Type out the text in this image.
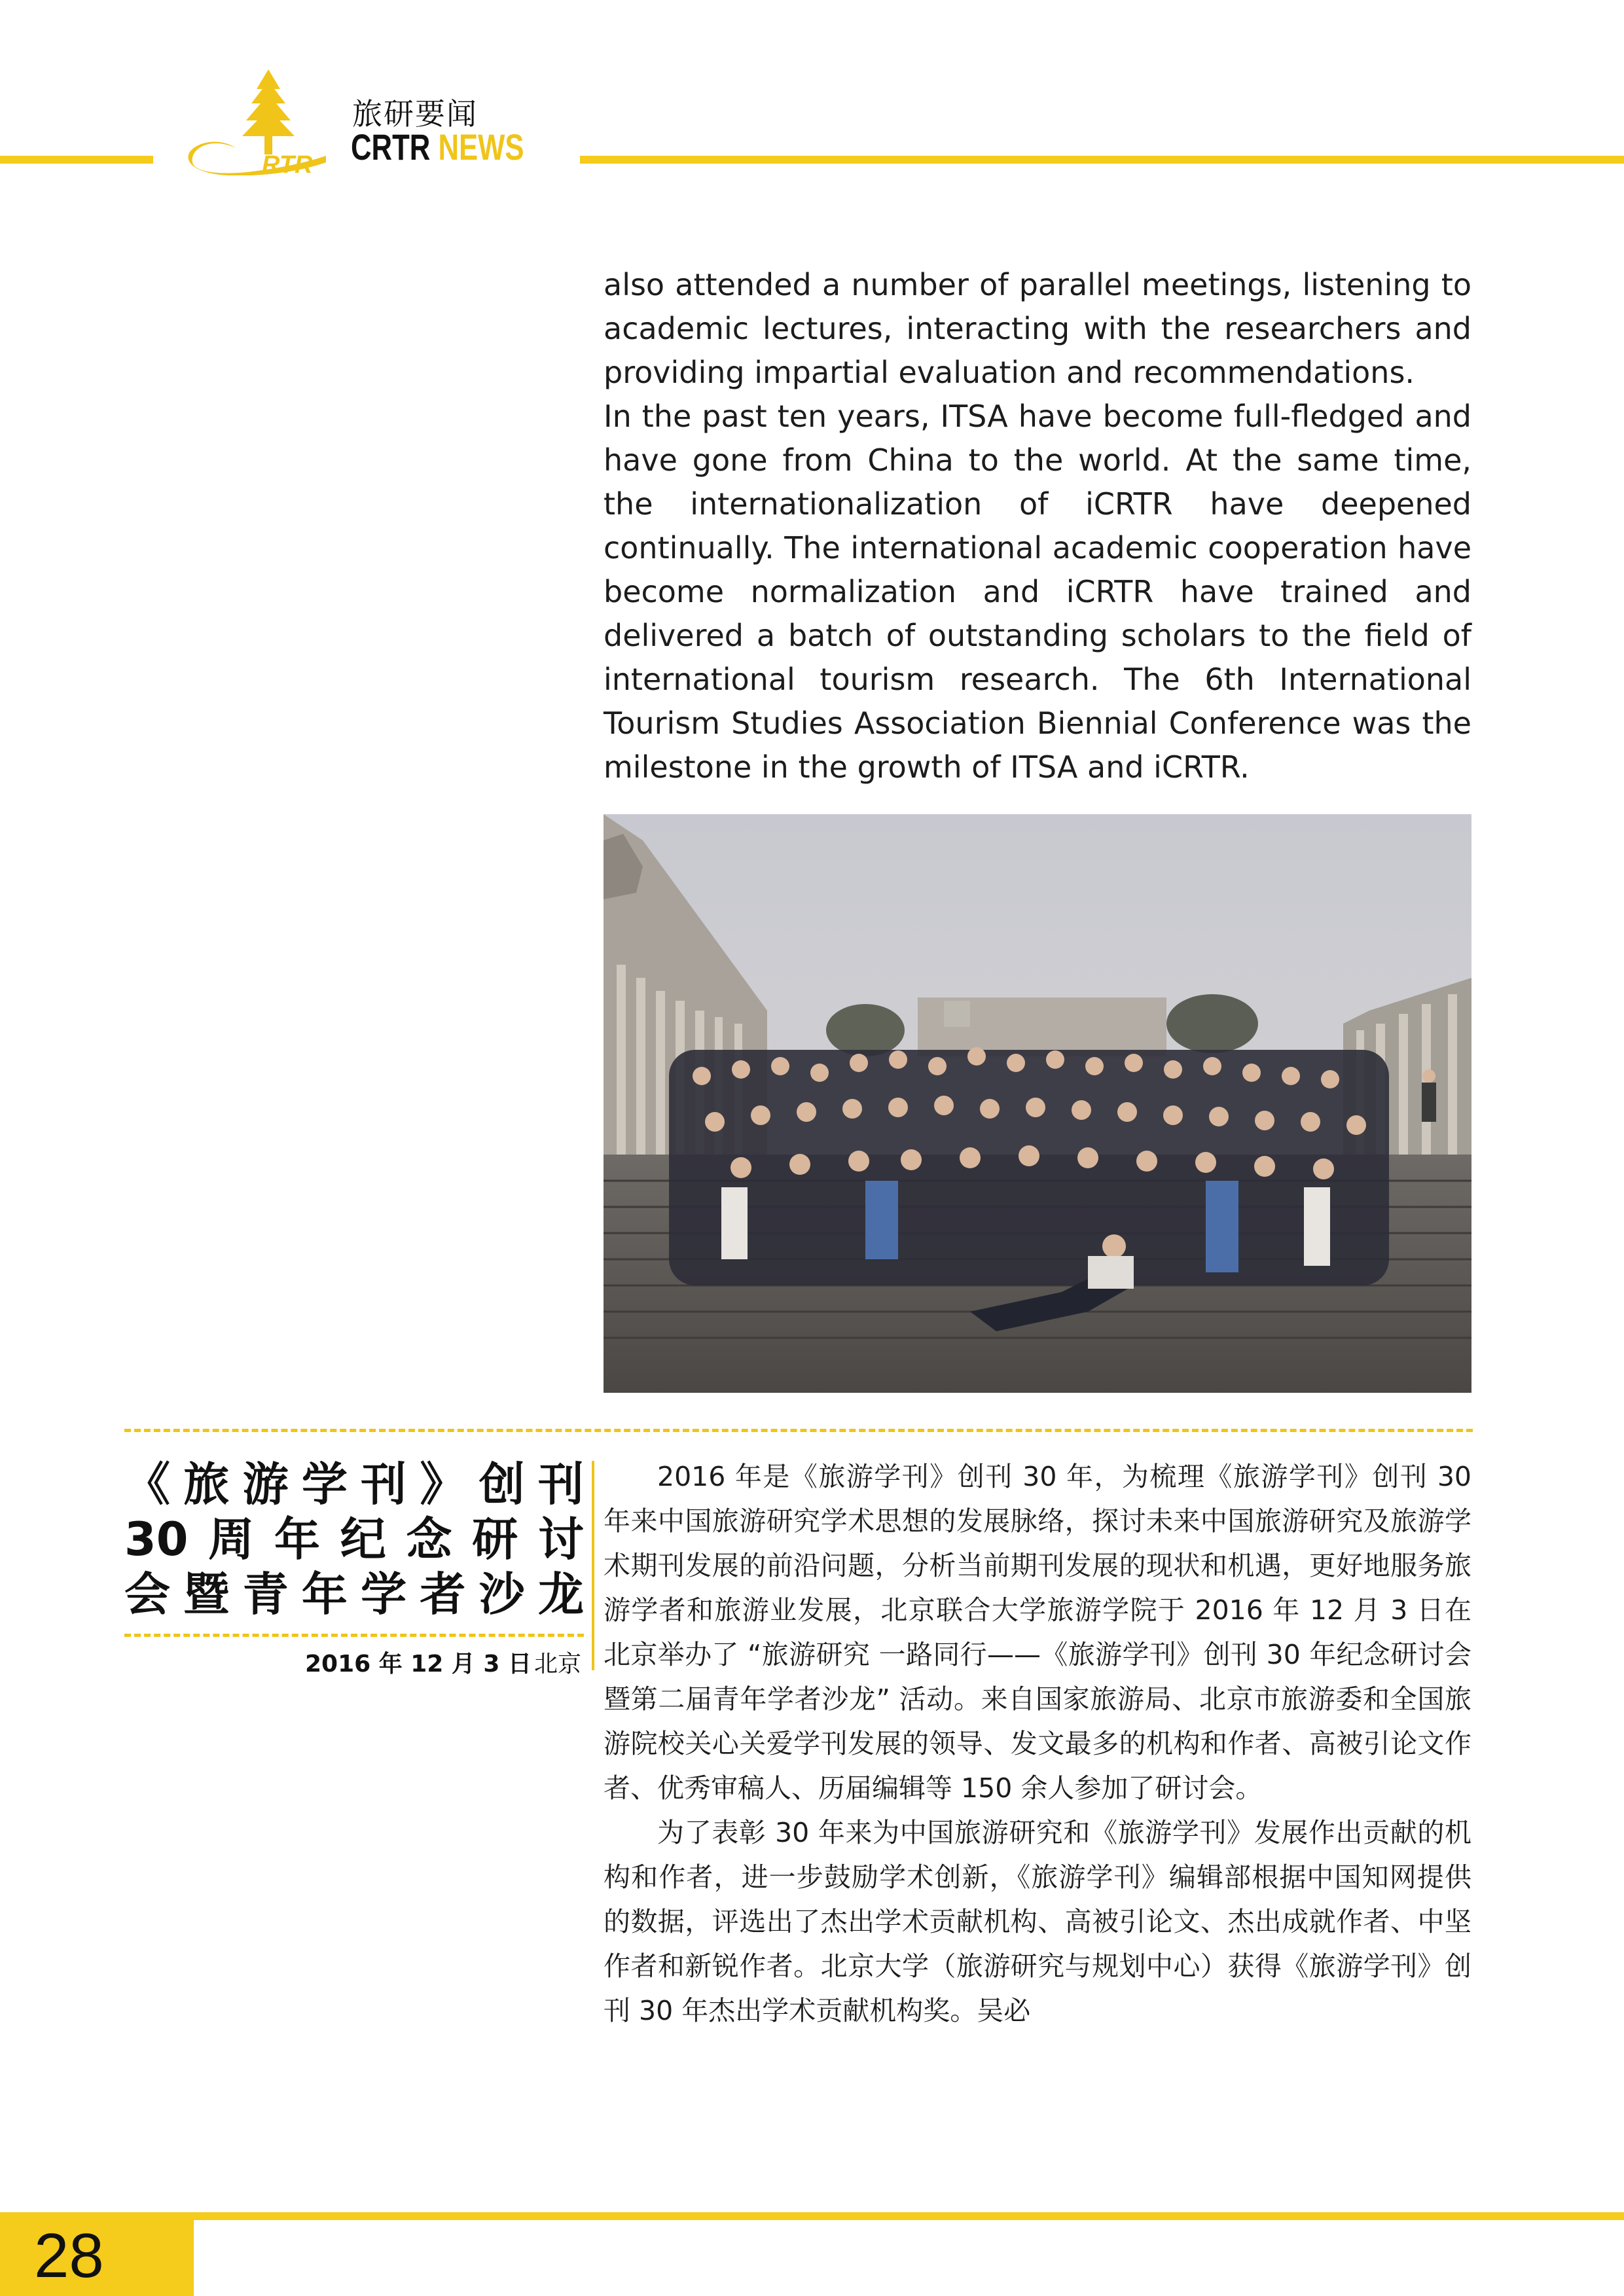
RTR
旅研要闻
CRTR NEWS

also attended a number of parallel meetings, listening to academic lectures, interacting with the researchers and providing impartial evaluation and recommendations.

In the past ten years, ITSA have become full-fledged and have gone from China to the world. At the same time, the internationalization of iCRTR have deepened continually. The international academic cooperation have become normalization and iCRTR have trained and delivered a batch of outstanding scholars to the field of international tourism research. The 6th International Tourism Studies Association Biennial Conference was the milestone in the growth of ITSA and iCRTR.

《旅游学刊》创刊
30周年纪念研讨
会暨青年学者沙龙
2016 年 12 月 3 日 北京

2016 年是《旅游学刊》创刊 30 年，为梳理《旅游学刊》创刊 30 年来中国旅游研究学术思想的发展脉络，探讨未来中国旅游研究及旅游学术期刊发展的前沿问题，分析当前期刊发展的现状和机遇，更好地服务旅游学者和旅游业发展，北京联合大学旅游学院于 2016 年 12 月 3 日在北京举办了 “旅游研究 一路同行——《旅游学刊》创刊 30 年纪念研讨会暨第二届青年学者沙龙” 活动。来自国家旅游局、北京市旅游委和全国旅游院校关心关爱学刊发展的领导、发文最多的机构和作者、高被引论文作者、优秀审稿人、历届编辑等 150 余人参加了研讨会。

为了表彰 30 年来为中国旅游研究和《旅游学刊》发展作出贡献的机构和作者，进一步鼓励学术创新，《旅游学刊》编辑部根据中国知网提供的数据，评选出了杰出学术贡献机构、高被引论文、杰出成就作者、中坚作者和新锐作者。北京大学（旅游研究与规划中心）获得《旅游学刊》创刊 30 年杰出学术贡献机构奖。吴必

28
